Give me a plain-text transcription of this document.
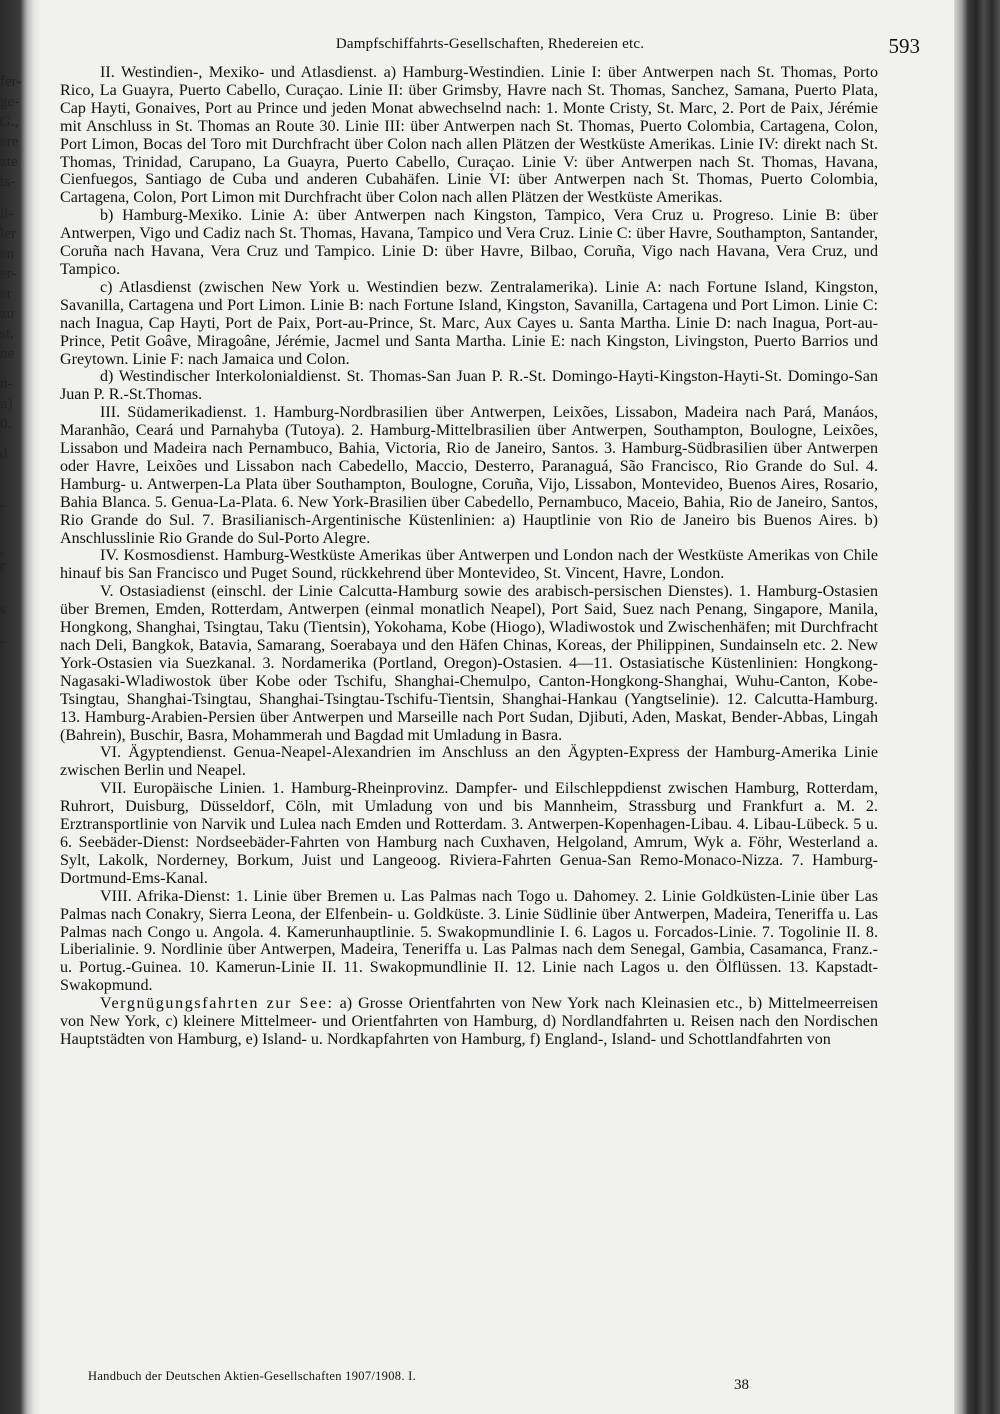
fer-
ge-
G.,
ere
zte
ts-
ll-
ler
en
er-
er
zu
st.
ne
n-
n)
0.
d
-
.
r
s
-
Dampfschiffahrts-Gesellschaften, Rhedereien etc.	593

II. Westindien-, Mexiko- und Atlasdienst. a) Hamburg-Westindien. Linie I: über Antwerpen nach St. Thomas, Porto Rico, La Guayra, Puerto Cabello, Curaçao. Linie II: über Grimsby, Havre nach St. Thomas, Sanchez, Samana, Puerto Plata, Cap Hayti, Gonaives, Port au Prince und jeden Monat abwechselnd nach: 1. Monte Cristy, St. Marc, 2. Port de Paix, Jérémie mit Anschluss in St. Thomas an Route 30. Linie III: über Antwerpen nach St. Thomas, Puerto Colombia, Cartagena, Colon, Port Limon, Bocas del Toro mit Durchfracht über Colon nach allen Plätzen der Westküste Amerikas. Linie IV: direkt nach St. Thomas, Trinidad, Carupano, La Guayra, Puerto Cabello, Curaçao. Linie V: über Antwerpen nach St. Thomas, Havana, Cienfuegos, Santiago de Cuba und anderen Cubahäfen. Linie VI: über Antwerpen nach St. Thomas, Puerto Colombia, Cartagena, Colon, Port Limon mit Durchfracht über Colon nach allen Plätzen der Westküste Amerikas.

b) Hamburg-Mexiko. Linie A: über Antwerpen nach Kingston, Tampico, Vera Cruz u. Progreso. Linie B: über Antwerpen, Vigo und Cadiz nach St. Thomas, Havana, Tampico und Vera Cruz. Linie C: über Havre, Southampton, Santander, Coruña nach Havana, Vera Cruz und Tampico. Linie D: über Havre, Bilbao, Coruña, Vigo nach Havana, Vera Cruz, und Tampico.

c) Atlasdienst (zwischen New York u. Westindien bezw. Zentralamerika). Linie A: nach Fortune Island, Kingston, Savanilla, Cartagena und Port Limon. Linie B: nach Fortune Island, Kingston, Savanilla, Cartagena und Port Limon. Linie C: nach Inagua, Cap Hayti, Port de Paix, Port-au-Prince, St. Marc, Aux Cayes u. Santa Martha. Linie D: nach Inagua, Port-au-Prince, Petit Goâve, Miragoâne, Jérémie, Jacmel und Santa Martha. Linie E: nach Kingston, Livingston, Puerto Barrios und Greytown. Linie F: nach Jamaica und Colon.

d) Westindischer Interkolonialdienst. St. Thomas-San Juan P. R.-St. Domingo-Hayti-Kingston-Hayti-St. Domingo-San Juan P. R.-St.Thomas.

III. Südamerikadienst. 1. Hamburg-Nordbrasilien über Antwerpen, Leixões, Lissabon, Madeira nach Pará, Manáos, Maranhão, Ceará und Parnahyba (Tutoya). 2. Hamburg-Mittelbrasilien über Antwerpen, Southampton, Boulogne, Leixões, Lissabon und Madeira nach Pernambuco, Bahia, Victoria, Rio de Janeiro, Santos. 3. Hamburg-Südbrasilien über Antwerpen oder Havre, Leixões und Lissabon nach Cabedello, Maccio, Desterro, Paranaguá, São Francisco, Rio Grande do Sul. 4. Hamburg- u. Antwerpen-La Plata über Southampton, Boulogne, Coruña, Vijo, Lissabon, Montevideo, Buenos Aires, Rosario, Bahia Blanca. 5. Genua-La-Plata. 6. New York-Brasilien über Cabedello, Pernambuco, Maceio, Bahia, Rio de Janeiro, Santos, Rio Grande do Sul. 7. Brasilianisch-Argentinische Küstenlinien: a) Hauptlinie von Rio de Janeiro bis Buenos Aires. b) Anschlusslinie Rio Grande do Sul-Porto Alegre.

IV. Kosmosdienst. Hamburg-Westküste Amerikas über Antwerpen und London nach der Westküste Amerikas von Chile hinauf bis San Francisco und Puget Sound, rückkehrend über Montevideo, St. Vincent, Havre, London.

V. Ostasiadienst (einschl. der Linie Calcutta-Hamburg sowie des arabisch-persischen Dienstes). 1. Hamburg-Ostasien über Bremen, Emden, Rotterdam, Antwerpen (einmal monatlich Neapel), Port Said, Suez nach Penang, Singapore, Manila, Hongkong, Shanghai, Tsingtau, Taku (Tientsin), Yokohama, Kobe (Hiogo), Wladiwostok und Zwischenhäfen; mit Durchfracht nach Deli, Bangkok, Batavia, Samarang, Soerabaya und den Häfen Chinas, Koreas, der Philippinen, Sundainseln etc. 2. New York-Ostasien via Suezkanal. 3. Nordamerika (Portland, Oregon)-Ostasien. 4—11. Ostasiatische Küstenlinien: Hongkong-Nagasaki-Wladiwostok über Kobe oder Tschifu, Shanghai-Chemulpo, Canton-Hongkong-Shanghai, Wuhu-Canton, Kobe-Tsingtau, Shanghai-Tsingtau, Shanghai-Tsingtau-Tschifu-Tientsin, Shanghai-Hankau (Yangtselinie). 12. Calcutta-Hamburg. 13. Hamburg-Arabien-Persien über Antwerpen und Marseille nach Port Sudan, Djibuti, Aden, Maskat, Bender-Abbas, Lingah (Bahrein), Buschir, Basra, Mohammerah und Bagdad mit Umladung in Basra.

VI. Ägyptendienst. Genua-Neapel-Alexandrien im Anschluss an den Ägypten-Express der Hamburg-Amerika Linie zwischen Berlin und Neapel.

VII. Europäische Linien. 1. Hamburg-Rheinprovinz. Dampfer- und Eilschleppdienst zwischen Hamburg, Rotterdam, Ruhrort, Duisburg, Düsseldorf, Cöln, mit Umladung von und bis Mannheim, Strassburg und Frankfurt a. M. 2. Erztransportlinie von Narvik und Lulea nach Emden und Rotterdam. 3. Antwerpen-Kopenhagen-Libau. 4. Libau-Lübeck. 5 u. 6. Seebäder-Dienst: Nordseebäder-Fahrten von Hamburg nach Cuxhaven, Helgoland, Amrum, Wyk a. Föhr, Westerland a. Sylt, Lakolk, Norderney, Borkum, Juist und Langeoog. Riviera-Fahrten Genua-San Remo-Monaco-Nizza. 7. Hamburg-Dortmund-Ems-Kanal.

VIII. Afrika-Dienst: 1. Linie über Bremen u. Las Palmas nach Togo u. Dahomey. 2. Linie Goldküsten-Linie über Las Palmas nach Conakry, Sierra Leona, der Elfenbein- u. Goldküste. 3. Linie Südlinie über Antwerpen, Madeira, Teneriffa u. Las Palmas nach Congo u. Angola. 4. Kamerunhauptlinie. 5. Swakopmundlinie I. 6. Lagos u. Forcados-Linie. 7. Togolinie II. 8. Liberialinie. 9. Nordlinie über Antwerpen, Madeira, Teneriffa u. Las Palmas nach dem Senegal, Gambia, Casamanca, Franz.- u. Portug.-Guinea. 10. Kamerun-Linie II. 11. Swakopmundlinie II. 12. Linie nach Lagos u. den Ölflüssen. 13. Kapstadt-Swakopmund.

Vergnügungsfahrten zur See: a) Grosse Orientfahrten von New York nach Kleinasien etc., b) Mittelmeerreisen von New York, c) kleinere Mittelmeer- und Orientfahrten von Hamburg, d) Nordlandfahrten u. Reisen nach den Nordischen Hauptstädten von Hamburg, e) Island- u. Nordkapfahrten von Hamburg, f) England-, Island- und Schottlandfahrten von

Handbuch der Deutschen Aktien-Gesellschaften 1907/1908. I.
38
